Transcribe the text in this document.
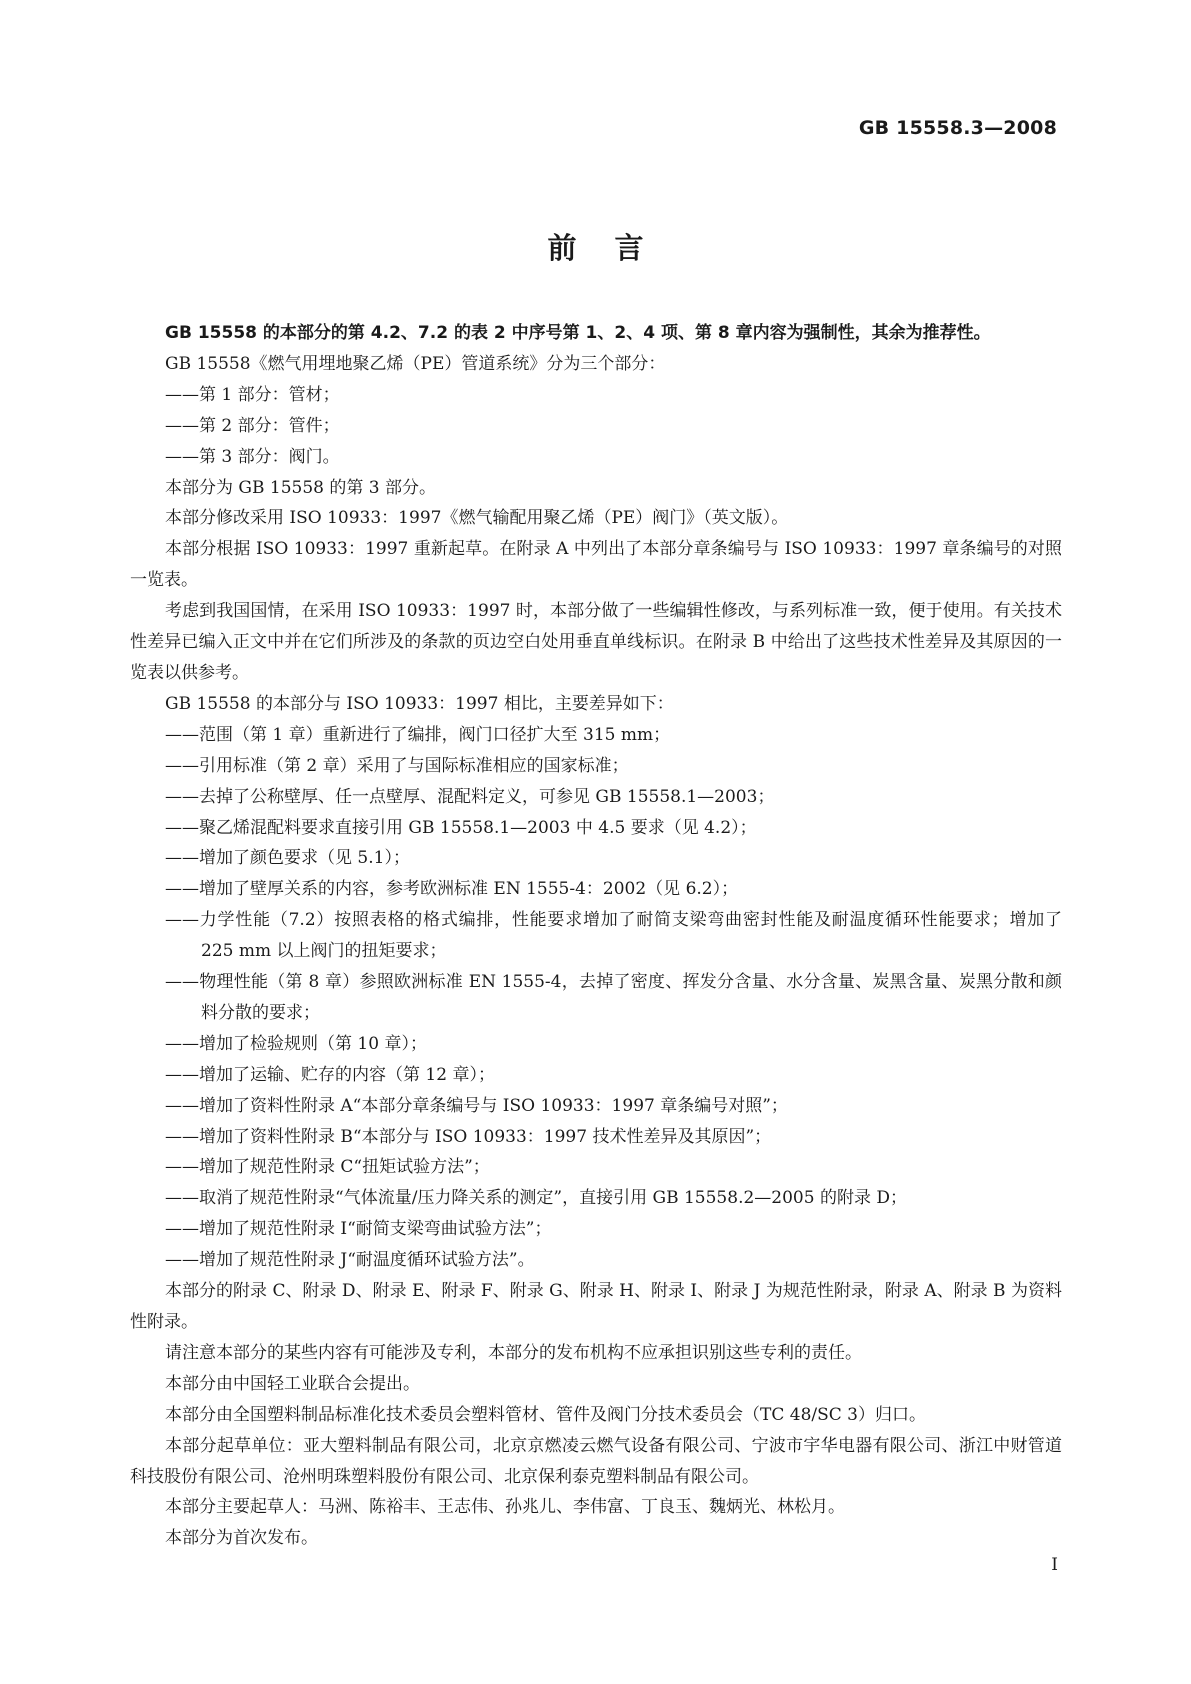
GB 15558.3—2008
前言

GB 15558 的本部分的第 4.2、7.2 的表 2 中序号第 1、2、4 项、第 8 章内容为强制性，其余为推荐性。

GB 15558《燃气用埋地聚乙烯（PE）管道系统》分为三个部分：

——第 1 部分：管材；

——第 2 部分：管件；

——第 3 部分：阀门。

本部分为 GB 15558 的第 3 部分。

本部分修改采用 ISO 10933：1997《燃气输配用聚乙烯（PE）阀门》（英文版）。

本部分根据 ISO 10933：1997 重新起草。在附录 A 中列出了本部分章条编号与 ISO 10933：1997 章条编号的对照一览表。

考虑到我国国情，在采用 ISO 10933：1997 时，本部分做了一些编辑性修改，与系列标准一致，便于使用。有关技术性差异已编入正文中并在它们所涉及的条款的页边空白处用垂直单线标识。在附录 B 中给出了这些技术性差异及其原因的一览表以供参考。

GB 15558 的本部分与 ISO 10933：1997 相比，主要差异如下：

——范围（第 1 章）重新进行了编排，阀门口径扩大至 315 mm；

——引用标准（第 2 章）采用了与国际标准相应的国家标准；

——去掉了公称壁厚、任一点壁厚、混配料定义，可参见 GB 15558.1—2003；

——聚乙烯混配料要求直接引用 GB 15558.1—2003 中 4.5 要求（见 4.2）；

——增加了颜色要求（见 5.1）；

——增加了壁厚关系的内容，参考欧洲标准 EN 1555-4：2002（见 6.2）；

——力学性能（7.2）按照表格的格式编排，性能要求增加了耐简支梁弯曲密封性能及耐温度循环性能要求；增加了 225 mm 以上阀门的扭矩要求；

——物理性能（第 8 章）参照欧洲标准 EN 1555-4，去掉了密度、挥发分含量、水分含量、炭黑含量、炭黑分散和颜料分散的要求；

——增加了检验规则（第 10 章）；

——增加了运输、贮存的内容（第 12 章）；

——增加了资料性附录 A“本部分章条编号与 ISO 10933：1997 章条编号对照”；

——增加了资料性附录 B“本部分与 ISO 10933：1997 技术性差异及其原因”；

——增加了规范性附录 C“扭矩试验方法”；

——取消了规范性附录“气体流量/压力降关系的测定”，直接引用 GB 15558.2—2005 的附录 D；

——增加了规范性附录 I“耐简支梁弯曲试验方法”；

——增加了规范性附录 J“耐温度循环试验方法”。

本部分的附录 C、附录 D、附录 E、附录 F、附录 G、附录 H、附录 I、附录 J 为规范性附录，附录 A、附录 B 为资料性附录。

请注意本部分的某些内容有可能涉及专利，本部分的发布机构不应承担识别这些专利的责任。

本部分由中国轻工业联合会提出。

本部分由全国塑料制品标准化技术委员会塑料管材、管件及阀门分技术委员会（TC 48/SC 3）归口。

本部分起草单位：亚大塑料制品有限公司，北京京燃凌云燃气设备有限公司、宁波市宇华电器有限公司、浙江中财管道科技股份有限公司、沧州明珠塑料股份有限公司、北京保利泰克塑料制品有限公司。

本部分主要起草人：马洲、陈裕丰、王志伟、孙兆儿、李伟富、丁良玉、魏炳光、林松月。

本部分为首次发布。

I
